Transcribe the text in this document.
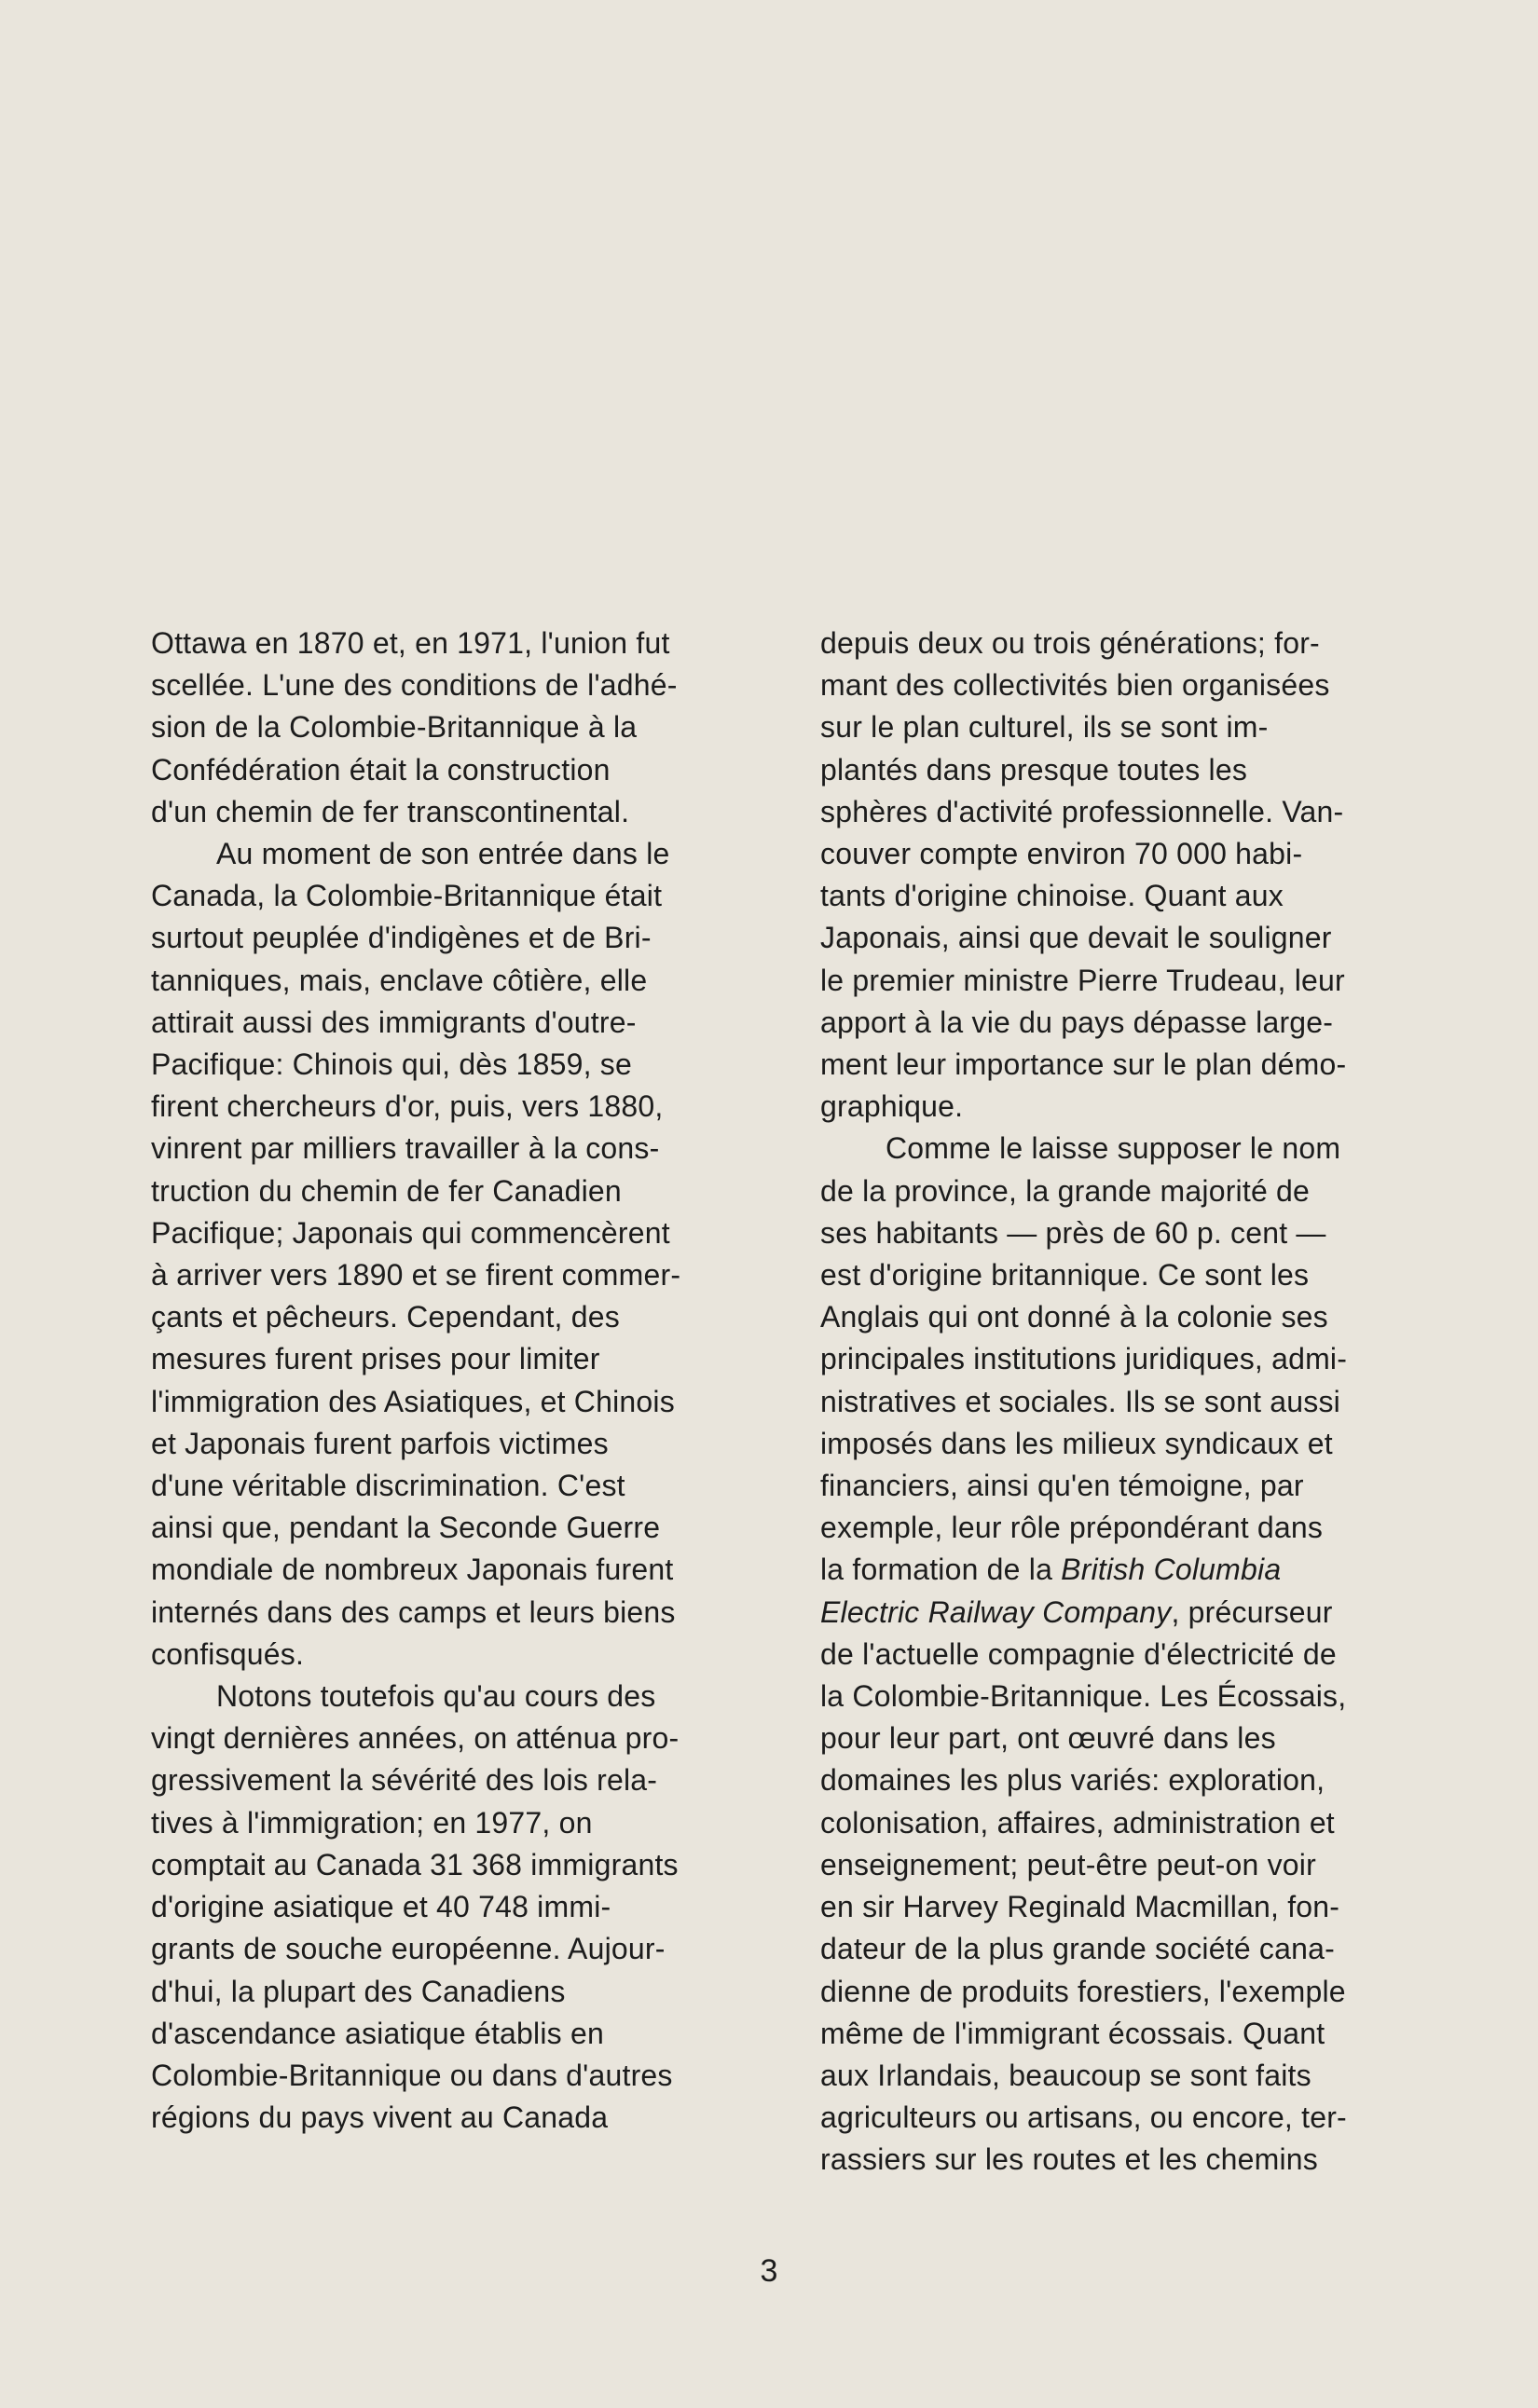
Ottawa en 1870 et, en 1971, l'union fut
scellée. L'une des conditions de l'adhé-
sion de la Colombie-Britannique à la
Confédération était la construction
d'un chemin de fer transcontinental.
Au moment de son entrée dans le
Canada, la Colombie-Britannique était
surtout peuplée d'indigènes et de Bri-
tanniques, mais, enclave côtière, elle
attirait aussi des immigrants d'outre-
Pacifique: Chinois qui, dès 1859, se
firent chercheurs d'or, puis, vers 1880,
vinrent par milliers travailler à la cons-
truction du chemin de fer Canadien
Pacifique; Japonais qui commencèrent
à arriver vers 1890 et se firent commer-
çants et pêcheurs. Cependant, des
mesures furent prises pour limiter
l'immigration des Asiatiques, et Chinois
et Japonais furent parfois victimes
d'une véritable discrimination. C'est
ainsi que, pendant la Seconde Guerre
mondiale de nombreux Japonais furent
internés dans des camps et leurs biens
confisqués.
Notons toutefois qu'au cours des
vingt dernières années, on atténua pro-
gressivement la sévérité des lois rela-
tives à l'immigration; en 1977, on
comptait au Canada 31 368 immigrants
d'origine asiatique et 40 748 immi-
grants de souche européenne. Aujour-
d'hui, la plupart des Canadiens
d'ascendance asiatique établis en
Colombie-Britannique ou dans d'autres
régions du pays vivent au Canada
depuis deux ou trois générations; for-
mant des collectivités bien organisées
sur le plan culturel, ils se sont im-
plantés dans presque toutes les
sphères d'activité professionnelle. Van-
couver compte environ 70 000 habi-
tants d'origine chinoise. Quant aux
Japonais, ainsi que devait le souligner
le premier ministre Pierre Trudeau, leur
apport à la vie du pays dépasse large-
ment leur importance sur le plan démo-
graphique.
Comme le laisse supposer le nom
de la province, la grande majorité de
ses habitants — près de 60 p. cent —
est d'origine britannique. Ce sont les
Anglais qui ont donné à la colonie ses
principales institutions juridiques, admi-
nistratives et sociales. Ils se sont aussi
imposés dans les milieux syndicaux et
financiers, ainsi qu'en témoigne, par
exemple, leur rôle prépondérant dans
la formation de la British Columbia
Electric Railway Company, précurseur
de l'actuelle compagnie d'électricité de
la Colombie-Britannique. Les Écossais,
pour leur part, ont œuvré dans les
domaines les plus variés: exploration,
colonisation, affaires, administration et
enseignement; peut-être peut-on voir
en sir Harvey Reginald Macmillan, fon-
dateur de la plus grande société cana-
dienne de produits forestiers, l'exemple
même de l'immigrant écossais. Quant
aux Irlandais, beaucoup se sont faits
agriculteurs ou artisans, ou encore, ter-
rassiers sur les routes et les chemins
3
